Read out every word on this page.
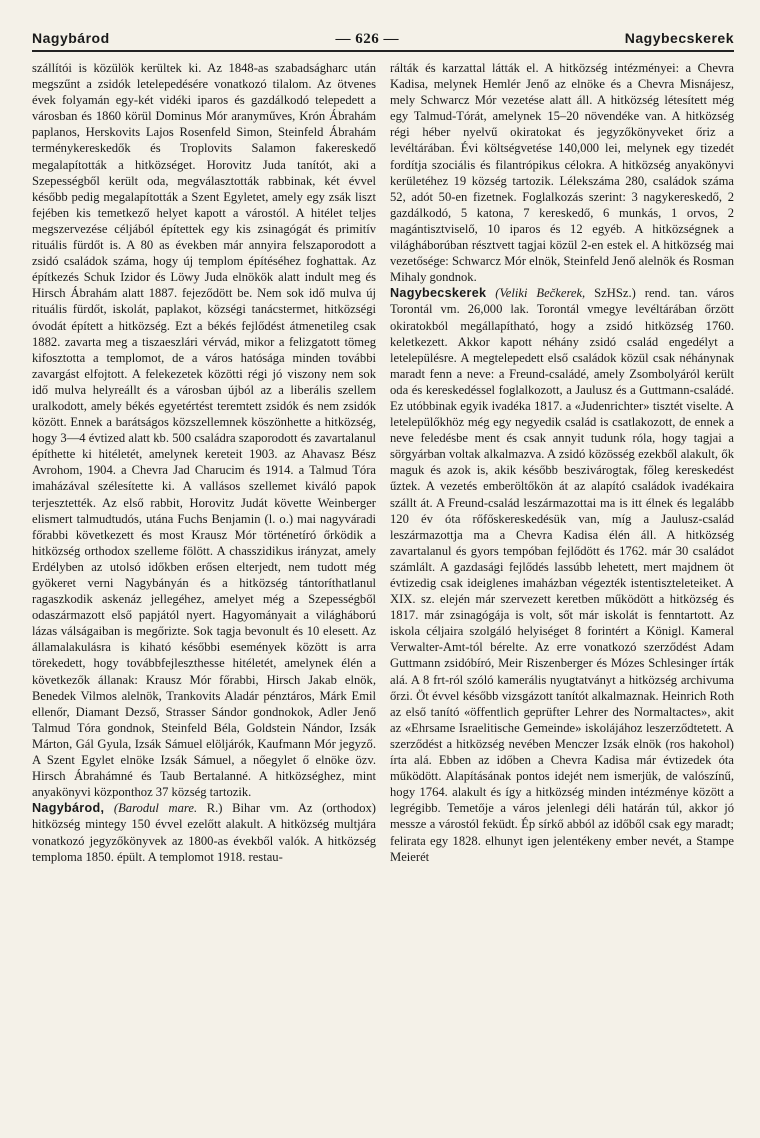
Nagybárod	— 626 —	Nagybecskerek

szállítói is közülök kerültek ki. Az 1848-as szabadságharc után megszűnt a zsidók letelepedésére vonatkozó tilalom. Az ötvenes évek folyamán egy-két vidéki iparos és gazdálkodó telepedett a városban és 1860 körül Dominus Mór aranyműves, Krón Ábrahám paplanos, Herskovits Lajos Rosenfeld Simon, Steinfeld Ábrahám terménykereskedők és Troplovits Salamon fakereskedő megalapították a hitközséget. Horovitz Juda tanítót, aki a Szepességből került oda, megválasztották rabbinak, két évvel később pedig megalapították a Szent Egyletet, amely egy zsák liszt fejében kis temetkező helyet kapott a várostól. A hitélet teljes megszervezése céljából építettek egy kis zsinagógát és primitív rituális fürdőt is. A 80 as években már annyira felszaporodott a zsidó családok száma, hogy új templom építéséhez foghattak. Az építkezés Schuk Izidor és Löwy Juda elnökök alatt indult meg és Hirsch Ábrahám alatt 1887. fejeződött be. Nem sok idő mulva új rituális fürdőt, iskolát, paplakot, községi tanácstermet, hitközségi óvodát épített a hitközség. Ezt a békés fejlődést átmenetileg csak 1882. zavarta meg a tiszaeszlári vérvád, mikor a felizgatott tömeg kifosztotta a templomot, de a város hatósága minden további zavargást elfojtott. A felekezetek közötti régi jó viszony nem sok idő mulva helyreállt és a városban újból az a liberális szellem uralkodott, amely békés egyetértést teremtett zsidók és nem zsidók között. Ennek a barátságos közszellemnek köszönhette a hitközség, hogy 3—4 évtized alatt kb. 500 családra szaporodott és zavartalanul építhette ki hitéletét, amelynek kereteit 1903. az Ahavasz Bész Avrohom, 1904. a Chevra Jad Charucim és 1914. a Talmud Tóra imaházával szélesítette ki. A vallásos szellemet kiváló papok terjesztették. Az első rabbit, Horovitz Judát követte Weinberger elismert talmudtudós, utána Fuchs Benjamin (l. o.) mai nagyváradi főrabbi következett és most Krausz Mór történetíró őrködik a hitközség orthodox szelleme fölött. A chasszidikus irányzat, amely Erdélyben az utolsó időkben erősen elterjedt, nem tudott még gyökeret verni Nagybányán és a hitközség tántoríthatlanul ragaszkodik askenáz jellegéhez, amelyet még a Szepességből odaszármazott első papjától nyert. Hagyományait a világháború lázas válságaiban is megőrizte. Sok tagja bevonult és 10 elesett. Az államalakulásra is kiható későbbi események között is arra törekedett, hogy továbbfejleszthesse hitéletét, amelynek élén a következők állanak: Krausz Mór főrabbi, Hirsch Jakab elnök, Benedek Vilmos alelnök, Trankovits Aladár pénztáros, Márk Emil ellenőr, Diamant Dezső, Strasser Sándor gondnokok, Adler Jenő Talmud Tóra gondnok, Steinfeld Béla, Goldstein Nándor, Izsák Márton, Gál Gyula, Izsák Sámuel elöljárók, Kaufmann Mór jegyző. A Szent Egylet elnöke Izsák Sámuel, a nőegylet ő elnöke özv. Hirsch Ábrahámné és Taub Bertalanné. A hitközséghez, mint anyakönyvi központhoz 37 község tartozik.

Nagybárod, (Barodul mare. R.) Bihar vm. Az (orthodox) hitközség mintegy 150 évvel ezelőtt alakult. A hitközség multjára vonatkozó jegyzőkönyvek az 1800-as évekből valók. A hitközség temploma 1850. épült. A templomot 1918. restau-

rálták és karzattal látták el. A hitközség intézményei: a Chevra Kadisa, melynek Hemlér Jenő az elnöke és a Chevra Misnájesz, mely Schwarcz Mór vezetése alatt áll. A hitközség létesített még egy Talmud-Tórát, amelynek 15–20 növendéke van. A hitközség régi héber nyelvű okiratokat és jegyzőkönyveket őriz a levéltárában. Évi költségvetése 140,000 lei, melynek egy tizedét fordítja szociális és filantrópikus célokra. A hitközség anyakönyvi kerületéhez 19 község tartozik. Lélekszáma 280, családok száma 52, adót 50-en fizetnek. Foglalkozás szerint: 3 nagykereskedő, 2 gazdálkodó, 5 katona, 7 kereskedő, 6 munkás, 1 orvos, 2 magántisztviselő, 10 iparos és 12 egyéb. A hitközségnek a világháborúban résztvett tagjai közül 2-en estek el. A hitközség mai vezetősége: Schwarcz Mór elnök, Steinfeld Jenő alelnök és Rosman Mihaly gondnok.

Nagybecskerek (Veliki Bečkerek, SzHSz.) rend. tan. város Torontál vm. 26,000 lak. Torontál vmegye levéltárában őrzött okiratokból megállapítható, hogy a zsidó hitközség 1760. keletkezett. Akkor kapott néhány zsidó család engedélyt a letelepülésre. A megtelepedett első családok közül csak néhánynak maradt fenn a neve: a Freund-családé, amely Zsombolyáról került oda és kereskedéssel foglalkozott, a Jaulusz és a Guttmann-családé. Ez utóbbinak egyik ivadéka 1817. a «Judenrichter» tisztét viselte. A letelepülőkhöz még egy negyedik család is csatlakozott, de ennek a neve feledésbe ment és csak annyit tudunk róla, hogy tagjai a sörgyárban voltak alkalmazva. A zsidó közösség ezekből alakult, ők maguk és azok is, akik később beszivárogtak, főleg kereskedést űztek. A vezetés emberöltőkön át az alapító családok ivadékaira szállt át. A Freund-család leszármazottai ma is itt élnek és legalább 120 év óta rőfőskereskedésük van, míg a Jaulusz-család leszármazottja ma a Chevra Kadisa élén áll. A hitközség zavartalanul és gyors tempóban fejlődött és 1762. már 30 családot számlált. A gazdasági fejlődés lassúbb lehetett, mert majdnem öt évtizedig csak ideiglenes imaházban végezték istentiszteleteiket. A XIX. sz. elején már szervezett keretben működött a hitközség és 1817. már zsinagógája is volt, sőt már iskolát is fenntartott. Az iskola céljaira szolgáló helyiséget 8 forintért a Königl. Kameral Verwalter-Amt-tól bérelte. Az erre vonatkozó szerződést Adam Guttmann zsidóbíró, Meir Riszenberger és Mózes Schlesinger írták alá. A 8 frt-ról szóló kamerális nyugtatványt a hitközség archivuma őrzi. Öt évvel később vizsgázott tanítót alkalmaznak. Heinrich Roth az első tanító «öffentlich geprüfter Lehrer des Normaltactes», akit az «Ehrsame Israelitische Gemeinde» iskolájához leszerződtetett. A szerződést a hitközség nevében Menczer Izsák elnök (ros hakohol) írta alá. Ebben az időben a Chevra Kadisa már évtizedek óta működött. Alapításának pontos idejét nem ismerjük, de valószínű, hogy 1764. alakult és így a hitközség minden intézménye között a legrégibb. Temetője a város jelenlegi déli határán túl, akkor jó messze a várostól feküdt. Ép sírkő abból az időből csak egy maradt; felirata egy 1828. elhunyt igen jelentékeny ember nevét, a Stampe Meierét
